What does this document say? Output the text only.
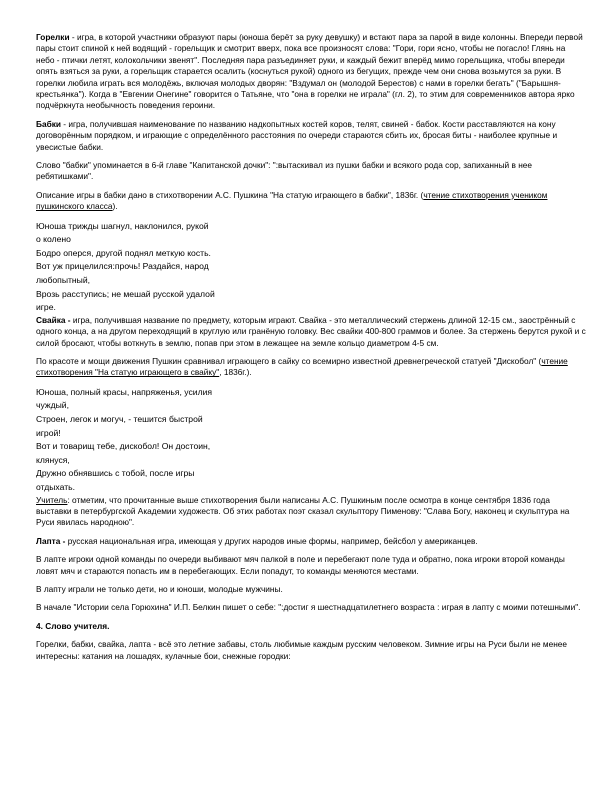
Горелки - игра, в которой участники образуют пары (юноша берёт за руку девушку) и встают пара за парой в виде колонны. Впереди первой пары стоит спиной к ней водящий - горельщик и смотрит вверх, пока все произносят слова: "Гори, гори ясно, чтобы не погасло! Глянь на небо - птички летят, колокольчики звенят". Последняя пара разъединяет руки, и каждый бежит вперёд мимо горельщика, чтобы впереди опять взяться за руки, а горельщик старается осалить (коснуться рукой) одного из бегущих, прежде чем они снова возьмутся за руки. В горелки любила играть вся молодёжь, включая молодых дворян: "Вздумал он (молодой Берестов) с нами в горелки бегать" ("Барышня-крестьянка"). Когда в "Евгении Онегине" говорится о Татьяне, что "она в горелки не играла" (гл. 2), то этим для современников автора ярко подчёркнута необычность поведения героини.

Бабки - игра, получившая наименование по названию надкопытных костей коров, телят, свиней - бабок. Кости расставляются на кону договорённым порядком, и играющие с определённого расстояния по очереди стараются сбить их, бросая биты - наиболее крупные и увесистые бабки.

Слово "бабки" упоминается в 6-й главе "Капитанской дочки": ":вытаскивал из пушки бабки и всякого рода сор, запиханный в нее ребятишками".

Описание игры в бабки дано в стихотворении А.С. Пушкина "На статую играющего в бабки", 1836г. (чтение стихотворения учеником пушкинского класса).

Юноша трижды шагнул, наклонился, рукой
о колено
Бодро оперся, другой поднял меткую кость.
Вот уж прицелился:прочь! Раздайся, народ
любопытный,
Врозь расступись; не мешай русской удалой
игре.

Свайка - игра, получившая название по предмету, которым играют. Свайка - это металлический стержень длиной 12-15 см., заострённый с одного конца, а на другом переходящий в круглую или гранёную головку. Вес свайки 400-800 граммов и более. За стержень берутся рукой и с силой бросают, чтобы воткнуть в землю, попав при этом в лежащее на земле кольцо диаметром 4-5 см.

По красоте и мощи движения Пушкин сравнивал играющего в сайку со всемирно известной древнегреческой статуей "Дискобол" (чтение стихотворения "На статую играющего в свайку", 1836г.).

Юноша, полный красы, напряженья, усилия
чуждый,
Строен, легок и могуч, - тешится быстрой
игрой!
Вот и товарищ тебе, дискобол! Он достоин,
клянуся,
Дружно обнявшись с тобой, после игры
отдыхать.

Учитель: отметим, что прочитанные выше стихотворения были написаны А.С. Пушкиным после осмотра в конце сентября 1836 года выставки в петербургской Академии художеств. Об этих работах поэт сказал скульптору Пименову: "Слава Богу, наконец и скульптура на Руси явилась народною".

Лапта - русская национальная игра, имеющая у других народов иные формы, например, бейсбол у американцев.

В лапте игроки одной команды по очереди выбивают мяч палкой в поле и перебегают поле туда и обратно, пока игроки второй команды ловят мяч и стараются попасть им в перебегающих. Если попадут, то команды меняются местами.

В лапту играли не только дети, но и юноши, молодые мужчины.

В начале "Истории села Горюхина" И.П. Белкин пишет о себе: ":достиг я шестнадцатилетнего возраста : играя в лапту с моими потешными".

4. Слово учителя.

Горелки, бабки, свайка, лапта - всё это летние забавы, столь любимые каждым русским человеком. Зимние игры на Руси были не менее интересны: катания на лошадях, кулачные бои, снежные городки:
